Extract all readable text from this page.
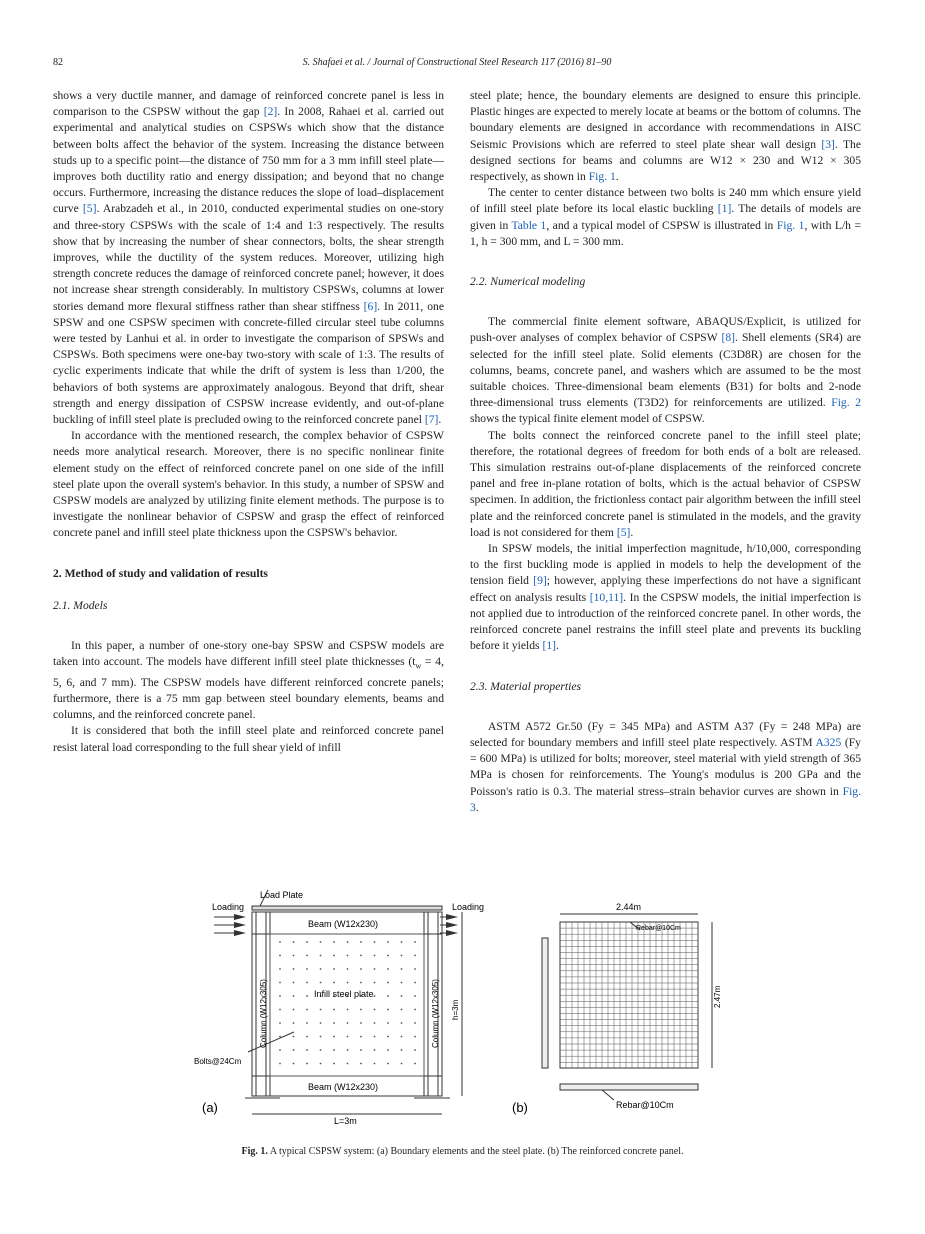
82	S. Shafaei et al. / Journal of Constructional Steel Research 117 (2016) 81–90

shows a very ductile manner, and damage of reinforced concrete panel is less in comparison to the CSPSW without the gap [2]. In 2008, Rahaei et al. carried out experimental and analytical studies on CSPSWs which show that the distance between bolts affect the behavior of the system. Increasing the distance between studs up to a specific point—the distance of 750 mm for a 3 mm infill steel plate—improves both ductility ratio and energy dissipation; and beyond that no change occurs. Furthermore, increasing the distance reduces the slope of load–displacement curve [5]. Arabzadeh et al., in 2010, conducted experimental studies on one-story and three-story CSPSWs with the scale of 1:4 and 1:3 respectively. The results show that by increasing the number of shear connectors, bolts, the shear strength improves, while the ductility of the system reduces. Moreover, utilizing high strength concrete reduces the damage of reinforced concrete panel; however, it does not increase shear strength considerably. In multistory CSPSWs, columns at lower stories demand more flexural stiffness rather than shear stiffness [6]. In 2011, one SPSW and one CSPSW specimen with concrete-filled circular steel tube columns were tested by Lanhui et al. in order to investigate the comparison of SPSWs and CSPSWs. Both specimens were one-bay two-story with scale of 1:3. The results of cyclic experiments indicate that while the drift of system is less than 1/200, the behaviors of both systems are approximately analogous. Beyond that drift, shear strength and energy dissipation of CSPSW increase evidently, and out-of-plane buckling of infill steel plate is precluded owing to the reinforced concrete panel [7].

In accordance with the mentioned research, the complex behavior of CSPSW needs more analytical research. Moreover, there is no specific nonlinear finite element study on the effect of reinforced concrete panel on one side of the infill steel plate upon the overall system's behavior. In this study, a number of SPSW and CSPSW models are analyzed by utilizing finite element methods. The purpose is to investigate the nonlinear behavior of CSPSW and grasp the effect of reinforced concrete panel and infill steel plate thickness upon the CSPSW's behavior.

2. Method of study and validation of results

2.1. Models

In this paper, a number of one-story one-bay SPSW and CSPSW models are taken into account. The models have different infill steel plate thicknesses ($t_w = 4$, 5, 6, and 7 mm). The CSPSW models have different reinforced concrete panels; furthermore, there is a 75 mm gap between steel boundary elements, beams and columns, and the reinforced concrete panel.

It is considered that both the infill steel plate and reinforced concrete panel resist lateral load corresponding to the full shear yield of infill

steel plate; hence, the boundary elements are designed to ensure this principle. Plastic hinges are expected to merely locate at beams or the bottom of columns. The boundary elements are designed in accordance with recommendations in AISC Seismic Provisions which are referred to steel plate shear wall design [3]. The designed sections for beams and columns are W12 × 230 and W12 × 305 respectively, as shown in Fig. 1.

The center to center distance between two bolts is 240 mm which ensure yield of infill steel plate before its local elastic buckling [1]. The details of models are given in Table 1, and a typical model of CSPSW is illustrated in Fig. 1, with L/h = 1, h = 300 mm, and L = 300 mm.

2.2. Numerical modeling

The commercial finite element software, ABAQUS/Explicit, is utilized for push-over analyses of complex behavior of CSPSW [8]. Shell elements (SR4) are selected for the infill steel plate. Solid elements (C3D8R) are chosen for the columns, beams, concrete panel, and washers which are assumed to be the most suitable choices. Three-dimensional beam elements (B31) for bolts and 2-node three-dimensional truss elements (T3D2) for reinforcements are utilized. Fig. 2 shows the typical finite element model of CSPSW.

The bolts connect the reinforced concrete panel to the infill steel plate; therefore, the rotational degrees of freedom for both ends of a bolt are released. This simulation restrains out-of-plane displacements of the reinforced concrete panel and free in-plane rotation of bolts, which is the actual behavior of CSPSW specimen. In addition, the frictionless contact pair algorithm between the infill steel plate and the reinforced concrete panel is stimulated in the models, and the gravity load is not considered for them [5].

In SPSW models, the initial imperfection magnitude, h/10,000, corresponding to the first buckling mode is applied in models to help the development of the tension field [9]; however, applying these imperfections do not have a significant effect on analysis results [10,11]. In the CSPSW models, the initial imperfection is not applied due to introduction of the reinforced concrete panel. In other words, the reinforced concrete panel restrains the infill steel plate and prevents its buckling before it yields [1].

2.3. Material properties

ASTM A572 Gr.50 (Fy = 345 MPa) and ASTM A37 (Fy = 248 MPa) are selected for boundary members and infill steel plate respectively. ASTM A325 (Fy = 600 MPa) is utilized for bolts; moreover, steel material with yield strength of 365 MPa is chosen for reinforcements. The Young's modulus is 200 GPa and the Poisson's ratio is 0.3. The material stress–strain behavior curves are shown in Fig. 3.

Load Plate
Loading	Loading
Beam (W12x230)
Beam (W12x230)
Infill steel plate
Column (W12x305)	Column (W12x305)
Bolts@24Cm
h=3m
L=3m
(a)
2.44m
2.47m
Rebar@10Cm
Rebar@10Cm
(b)
Fig. 1. A typical CSPSW system: (a) Boundary elements and the steel plate. (b) The reinforced concrete panel.
